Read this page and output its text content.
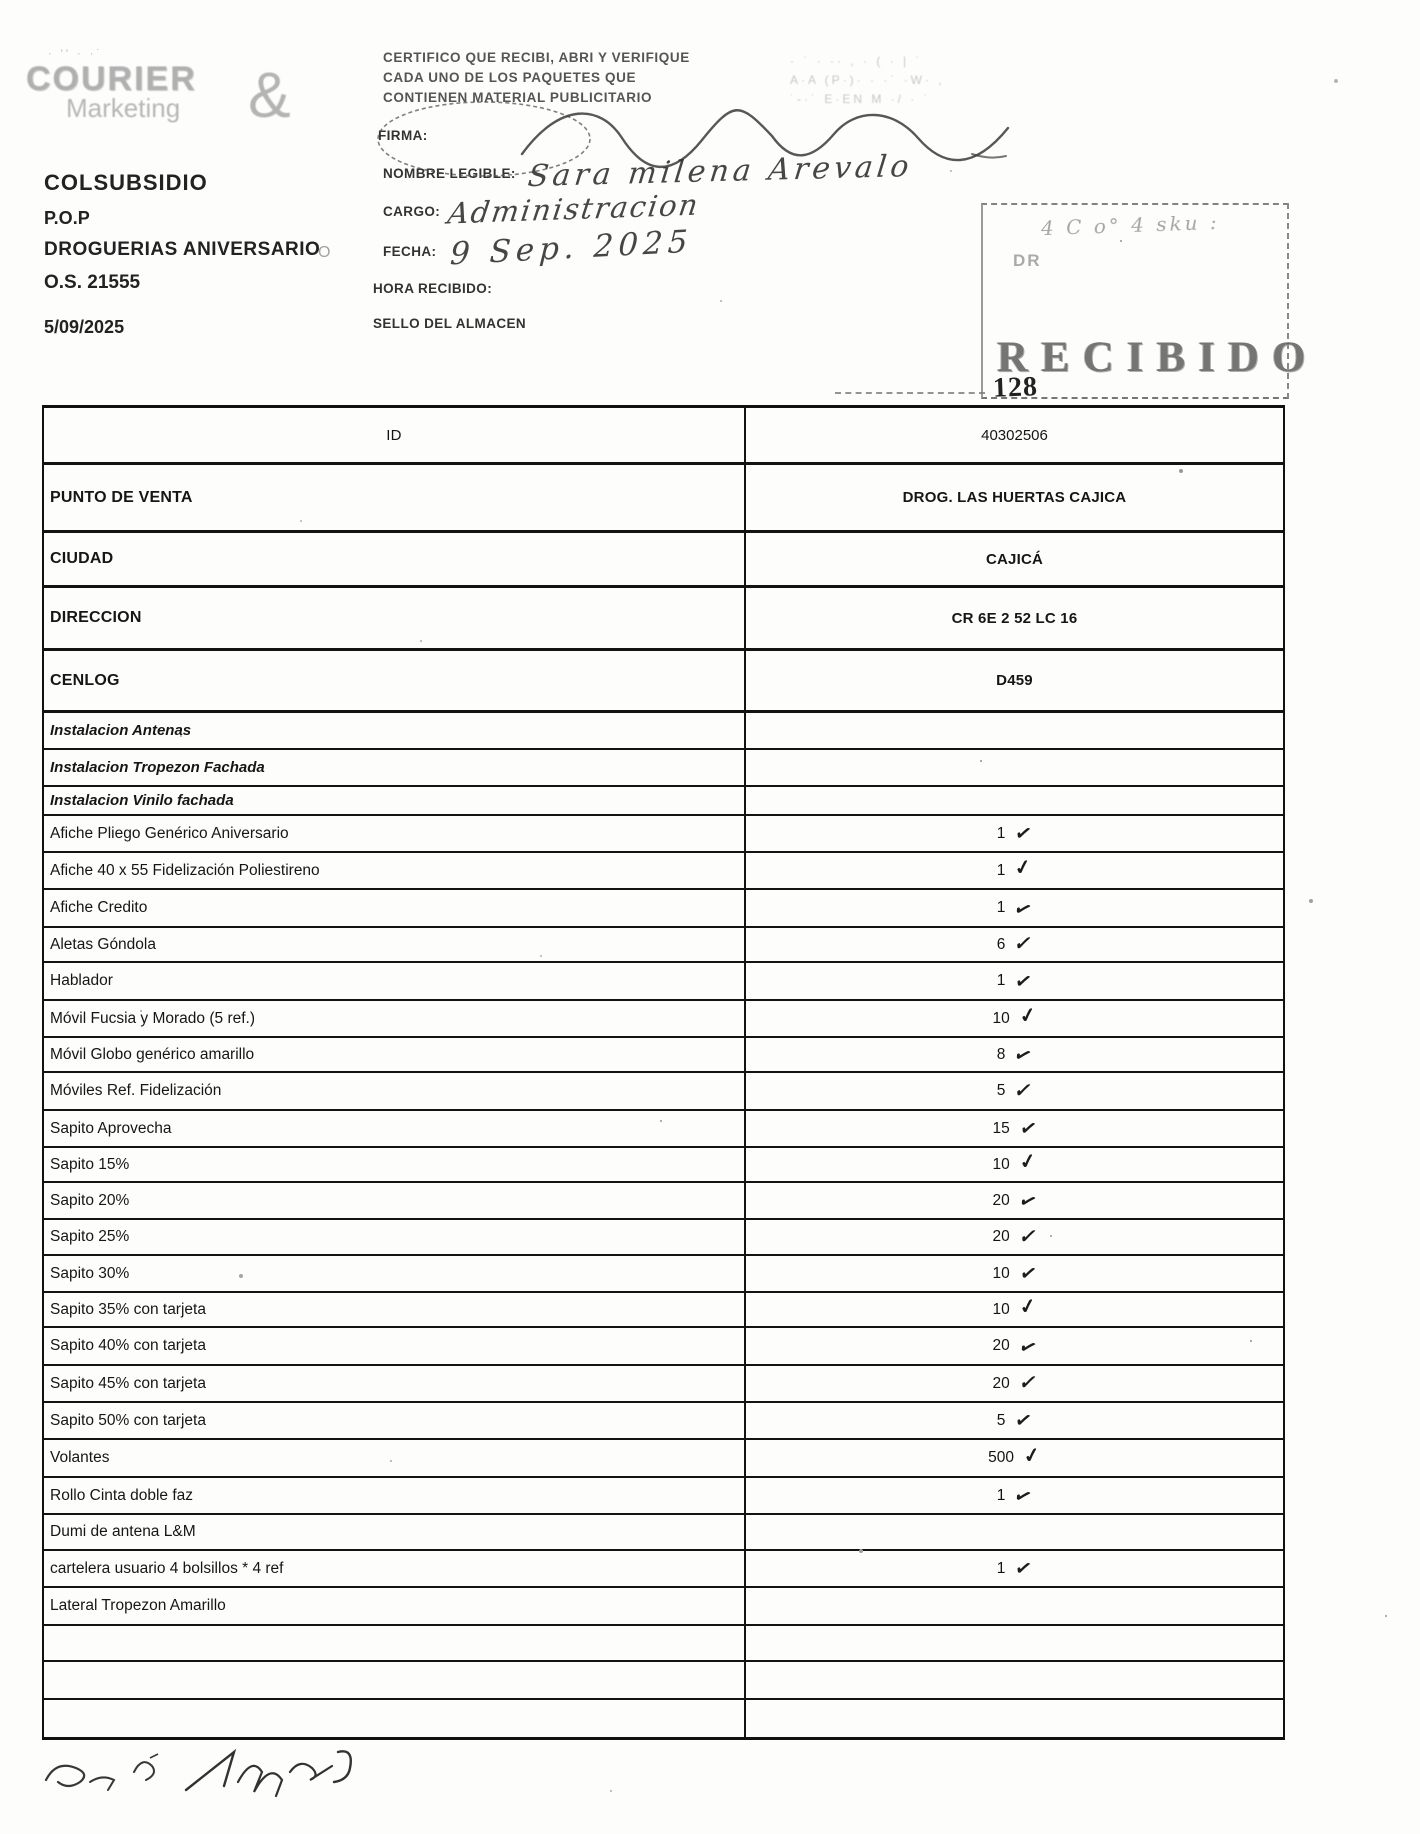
· '' · ·˙
COURIER
Marketing	&
COLSUBSIDIO
P.O.P
DROGUERIAS ANIVERSARIO
O.S. 21555
5/09/2025
CERTIFICO QUE RECIBI, ABRI Y VERIFIQUE
CADA UNO DE LOS PAQUETES QUE
CONTIENEN MATERIAL PUBLICITARIO
FIRMA:
NOMBRE LEGIBLE:
CARGO:
FECHA:
HORA RECIBIDO:
SELLO DEL ALMACEN
O
Sara milena Arevalo
Administracion
9 Sep. 2025
· ˙ · ·· , · ( · | ˙
A·A (P·)· · ·˙ ·W· ,
˙-·˙ E·EN M ·/ · ˙
4 C o° 4 sku :
DR
RECIBIDO
128
ID	40302506
PUNTO DE VENTA	DROG. LAS HUERTAS CAJICA
CIUDAD	CAJICÁ
DIRECCION	CR 6E 2 52 LC 16
CENLOG	D459
Instalacion Antenas
Instalacion Tropezon Fachada
Instalacion Vinilo fachada
Afiche Pliego Genérico Aniversario	1 ✓
Afiche 40 x 55 Fidelización Poliestireno	1 ✓
Afiche Credito	1 ✓
Aletas Góndola	6 ✓
Hablador	1 ✓
Móvil Fucsia y Morado (5 ref.)	10 ✓
Móvil Globo genérico amarillo	8 ✓
Móviles Ref. Fidelización	5 ✓
Sapito Aprovecha	15 ✓
Sapito 15%	10 ✓
Sapito 20%	20 ✓
Sapito 25%	20 ✓
Sapito 30%	10 ✓
Sapito 35% con tarjeta	10 ✓
Sapito 40% con tarjeta	20 ✓
Sapito 45% con tarjeta	20 ✓
Sapito 50% con tarjeta	5 ✓
Volantes	500 ✓
Rollo Cinta doble faz	1 ✓
Dumi de antena L&M
cartelera usuario 4 bolsillos * 4 ref	1 ✓
Lateral Tropezon Amarillo
